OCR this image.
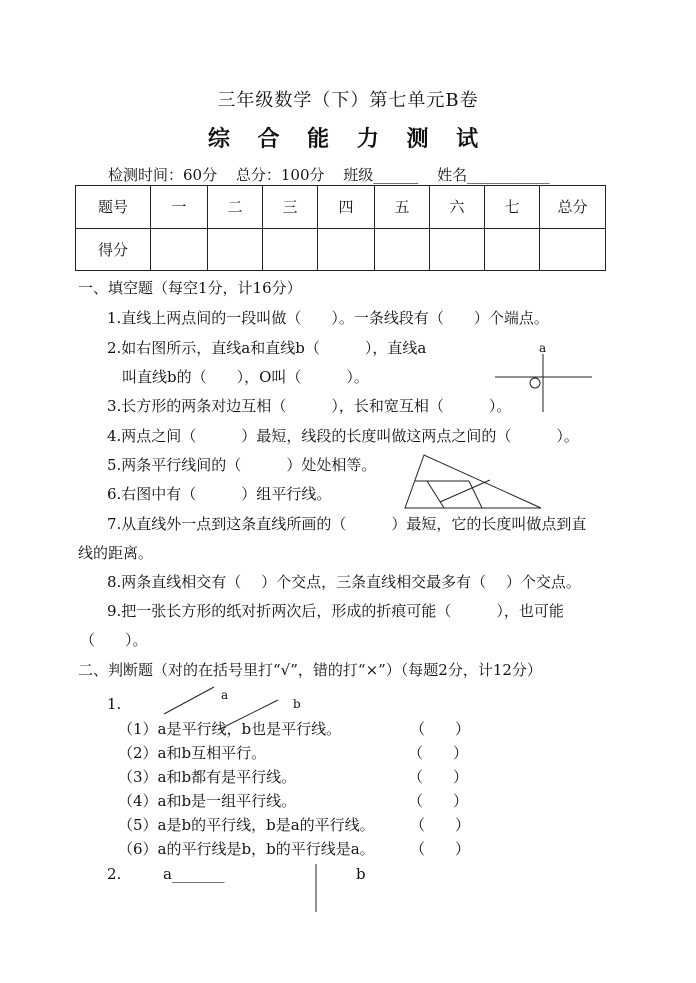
三年级数学（下）第七单元B卷
综 合 能 力 测 试
检测时间：60分 总分：100分 班级______ 姓名___________
题号	一	二	三	四	五	六	七	总分
得分								
一、填空题（每空1分，计16分）
1.直线上两点间的一段叫做（　　）。一条线段有（　　）个端点。
2.如右图所示，直线a和直线b（　　　），直线a
叫直线b的（　　），O叫（　　　）。
a
3.长方形的两条对边互相（　　　），长和宽互相（　　　）。
4.两点之间（　　　）最短，线段的长度叫做这两点之间的（　　　）。
5.两条平行线间的（　　　）处处相等。
6.右图中有（　　　）组平行线。
7.从直线外一点到这条直线所画的（　　　）最短，它的长度叫做点到直
线的距离。
8.两条直线相交有（　 ）个交点，三条直线相交最多有（　 ）个交点。
9.把一张长方形的纸对折两次后，形成的折痕可能（　　　），也可能
（　　）。
二、判断题（对的在括号里打“√”，错的打“×”）（每题2分，计12分）
1.	a
b
（1）a是平行线，b也是平行线。	（　　）
（2）a和b互相平行。	（　　）
（3）a和b都有是平行线。	（　　）
（4）a和b是一组平行线。	（　　）
（5）a是b的平行线，b是a的平行线。 （　　）
（6）a的平行线是b，b的平行线是a。 （　　）
2.	a_______	b
